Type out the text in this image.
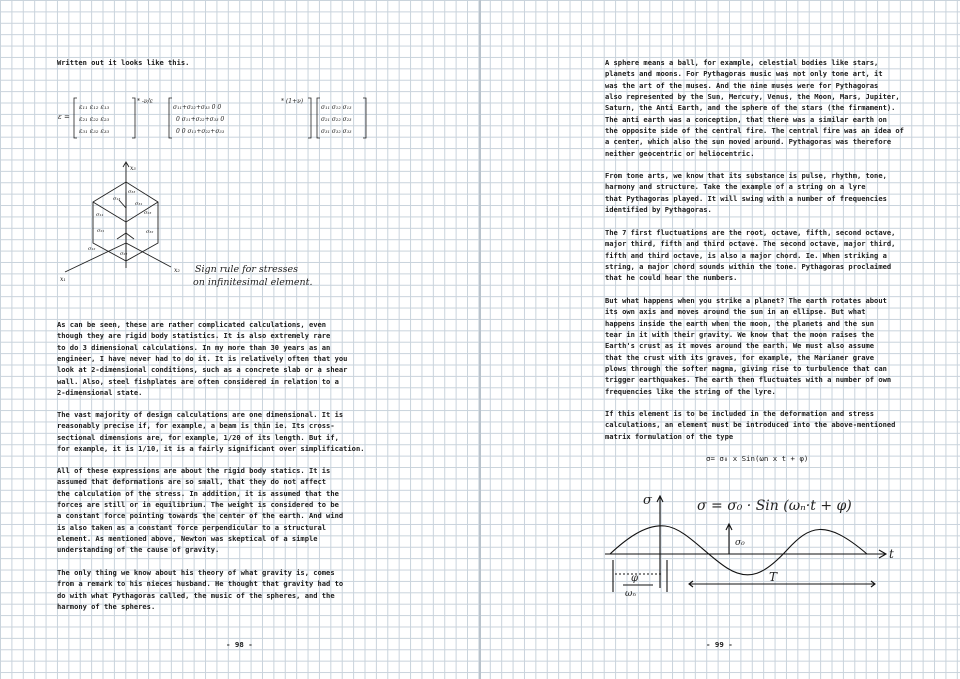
Written out it looks like this.

ε =
ε₁₁ ε₁₂ ε₁₃
ε₂₁ ε₂₂ ε₂₃
ε₃₁ ε₃₂ ε₃₃
* -ν/ε
σ₁₁+σ₂₂+σ₃₃ 0 0
0 σ₁₁+σ₂₂+σ₃₃ 0
0 0 σ₁₁+σ₂₂+σ₃₃
* (1+ν)
σ₁₁ σ₁₂ σ₁₃
σ₂₁ σ₂₂ σ₂₃
σ₃₁ σ₃₂ σ₃₃
x₃
x₁
x₂
σ₁₃
σ₃₃
σ₃₁
σ₂₃
σ₃₂
σ₁₁
σ₂₁
σ₁₂
σ₂₂
Sign rule for stresses
on infinitesimal element.

As can be seen, these are rather complicated calculations, even
though they are rigid body statistics. It is also extremely rare
to do 3 dimensional calculations. In my more than 30 years as an
engineer, I have never had to do it. It is relatively often that you
look at 2-dimensional conditions, such as a concrete slab or a shear
wall. Also, steel fishplates are often considered in relation to a
2-dimensional state.

The vast majority of design calculations are one dimensional. It is
reasonably precise if, for example, a beam is thin ie. Its cross-
sectional dimensions are, for example, 1/20 of its length. But if,
for example, it is 1/10, it is a fairly significant over simplification.

All of these expressions are about the rigid body statics. It is
assumed that deformations are so small, that they do not affect
the calculation of the stress. In addition, it is assumed that the
forces are still or in equilibrium. The weight is considered to be
a constant force pointing towards the center of the earth. And wind
is also taken as a constant force perpendicular to a structural
element. As mentioned above, Newton was skeptical of a simple
understanding of the cause of gravity.

The only thing we know about his theory of what gravity is, comes
from a remark to his nieces husband. He thought that gravity had to
do with what Pythagoras called, the music of the spheres, and the
harmony of the spheres.

- 98 -

A sphere means a ball, for example, celestial bodies like stars,
planets and moons. For Pythagoras music was not only tone art, it
was the art of the muses. And the nine muses were for Pythagoras
also represented by the Sun, Mercury, Venus, the Moon, Mars, Jupiter,
Saturn, the Anti Earth, and the sphere of the stars (the firmament).
The anti earth was a conception, that there was a similar earth on
the opposite side of the central fire. The central fire was an idea of
a center, which also the sun moved around. Pythagoras was therefore
neither geocentric or heliocentric.

From tone arts, we know that its substance is pulse, rhythm, tone,
harmony and structure. Take the example of a string on a lyre
that Pythagoras played. It will swing with a number of frequencies
identified by Pythagoras.

The 7 first fluctuations are the root, octave, fifth, second octave,
major third, fifth and third octave. The second octave, major third,
fifth and third octave, is also a major chord. Ie. When striking a
string, a major chord sounds within the tone. Pythagoras proclaimed
that he could hear the numbers.

But what happens when you strike a planet? The earth rotates about
its own axis and moves around the sun in an ellipse. But what
happens inside the earth when the moon, the planets and the sun
tear in it with their gravity. We know that the moon raises the
Earth's crust as it moves around the earth. We must also assume
that the crust with its graves, for example, the Marianer grave
plows through the softer magma, giving rise to turbulence that can
trigger earthquakes. The earth then fluctuates with a number of own
frequencies like the string of the lyre.

If this element is to be included in the deformation and stress
calculations, an element must be introduced into the above-mentioned
matrix formulation of the type

σ= σ₀ x Sin(ωn x t + φ)
σ
t
σ = σ₀ · Sin (ωₙ·t + φ)
σ₀
φ
ωₙ
T
- 99 -
